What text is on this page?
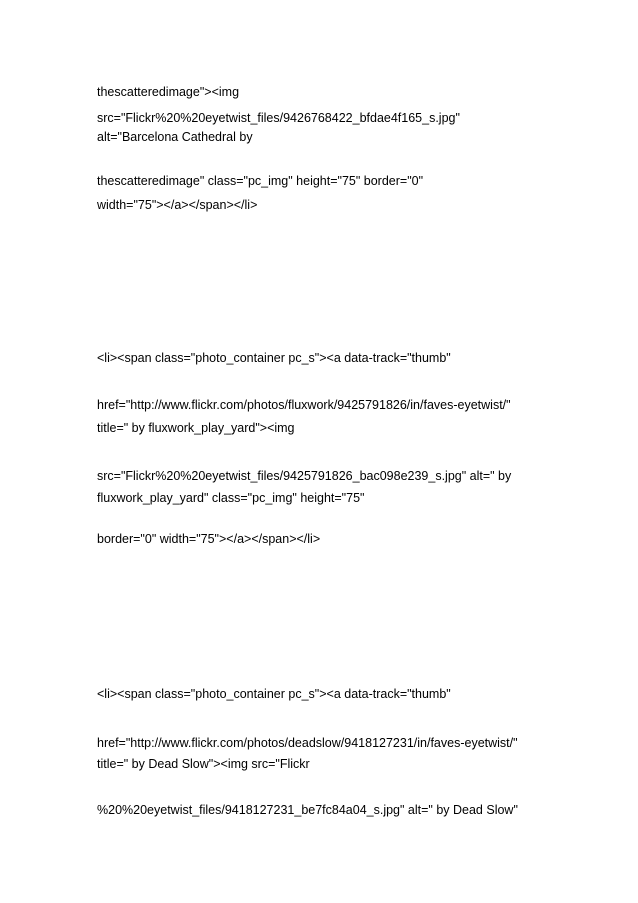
thescatteredimage"><img
src="Flickr%20%20eyetwist_files/9426768422_bfdae4f165_s.jpg"
alt="Barcelona Cathedral by
thescatteredimage" class="pc_img" height="75" border="0"
width="75"></a></span></li>
<li><span class="photo_container pc_s"><a data-track="thumb"
href="http://www.flickr.com/photos/fluxwork/9425791826/in/faves-eyetwist/"
title=" by fluxwork_play_yard"><img
src="Flickr%20%20eyetwist_files/9425791826_bac098e239_s.jpg" alt=" by
fluxwork_play_yard" class="pc_img" height="75"
border="0" width="75"></a></span></li>
<li><span class="photo_container pc_s"><a data-track="thumb"
href="http://www.flickr.com/photos/deadslow/9418127231/in/faves-eyetwist/"
title=" by Dead Slow"><img src="Flickr
%20%20eyetwist_files/9418127231_be7fc84a04_s.jpg" alt=" by Dead Slow"
